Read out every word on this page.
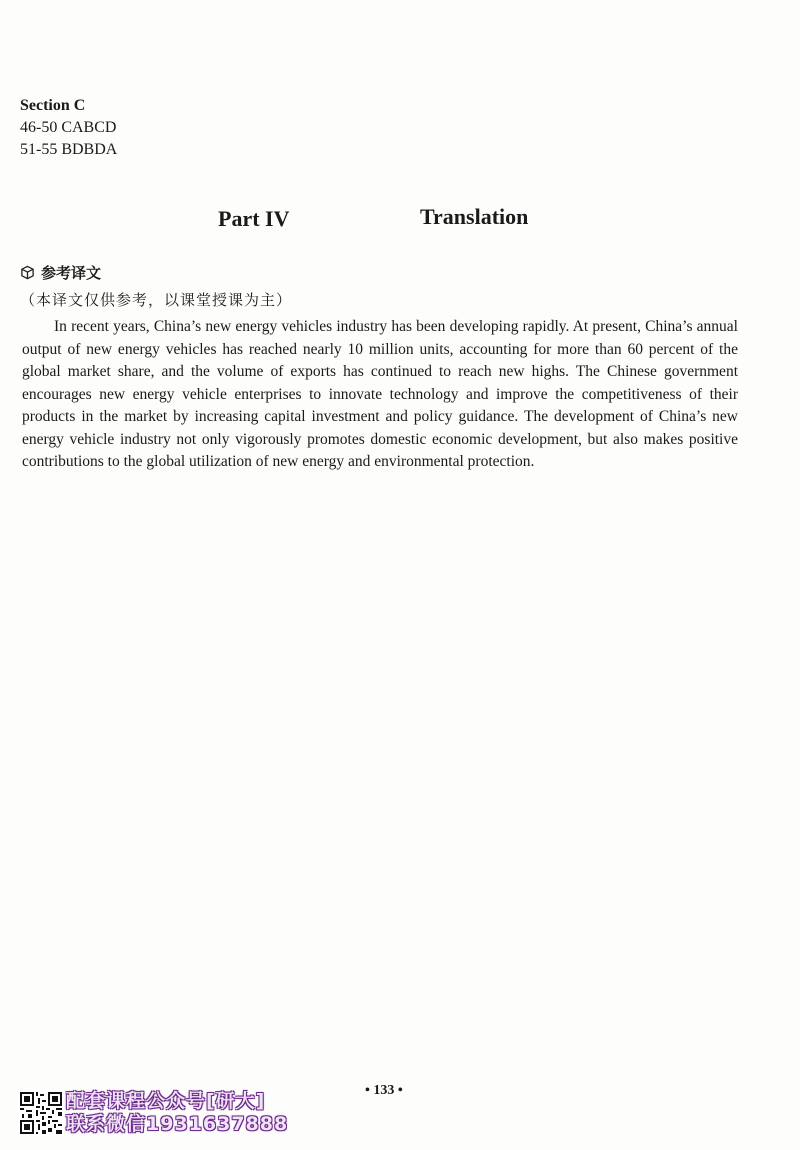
Section C
46-50 CABCD
51-55 BDBDA
Part IV	Translation
参考译文
（本译文仅供参考，以课堂授课为主）

In recent years, China’s new energy vehicles industry has been developing rapidly. At present, China’s annual output of new energy vehicles has reached nearly 10 million units, accounting for more than 60 percent of the global market share, and the volume of exports has continued to reach new highs. The Chinese government encourages new energy vehicle enterprises to innovate technology and improve the competitiveness of their products in the market by increasing capital investment and policy guidance. The development of China’s new energy vehicle industry not only vigorously promotes domestic economic development, but also makes positive contributions to the global utilization of new energy and environmental protection.

• 133 •
配套课程公众号[研大]
联系微信1931637888
